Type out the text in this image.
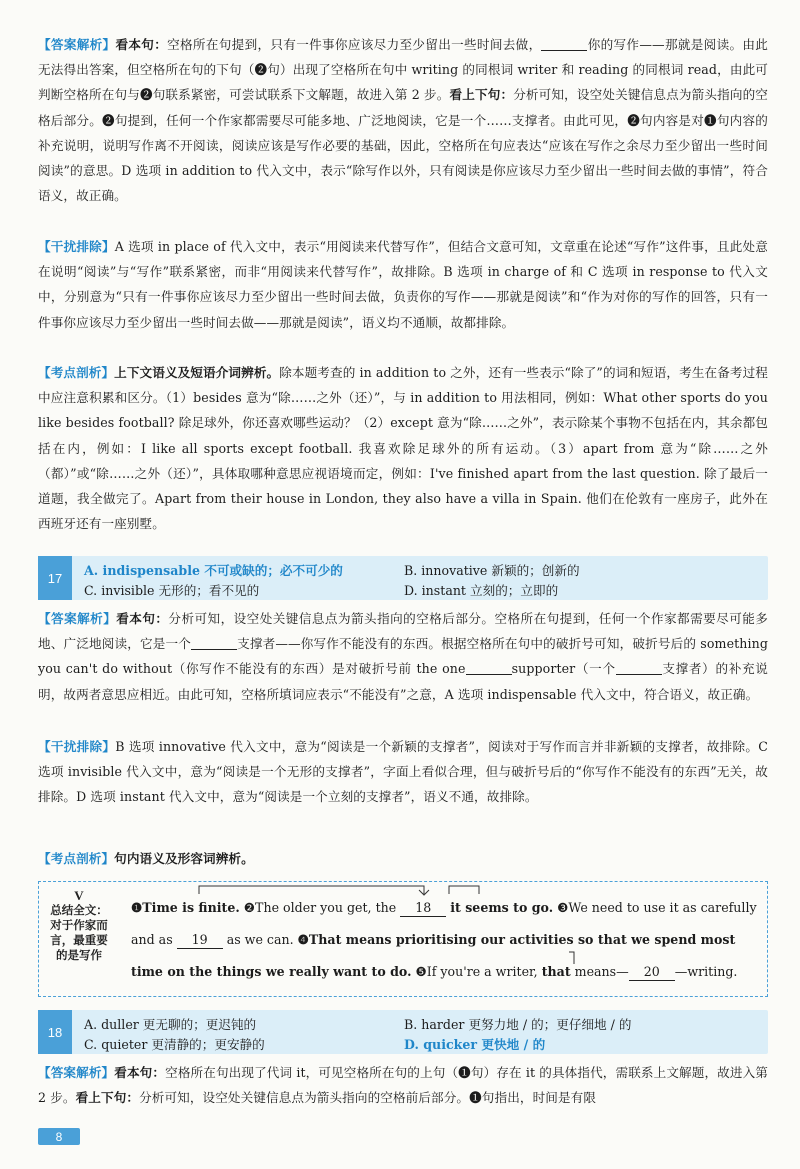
【答案解析】看本句：空格所在句提到，只有一件事你应该尽力至少留出一些时间去做，	你的写作——那就是阅读。由此无法得出答案，但空格所在句的下句（❷句）出现了空格所在句中 writing 的同根词 writer 和 reading 的同根词 read，由此可判断空格所在句与❷句联系紧密，可尝试联系下文解题，故进入第 2 步。看上下句：分析可知，设空处关键信息点为箭头指向的空格后部分。❷句提到，任何一个作家都需要尽可能多地、广泛地阅读，它是一个……支撑者。由此可见，❷句内容是对❶句内容的补充说明，说明写作离不开阅读，阅读应该是写作必要的基础，因此，空格所在句应表达“应该在写作之余尽力至少留出一些时间阅读”的意思。D 选项 in addition to 代入文中，表示“除写作以外，只有阅读是你应该尽力至少留出一些时间去做的事情”，符合语义，故正确。
【干扰排除】A 选项 in place of 代入文中，表示“用阅读来代替写作”，但结合文意可知，文章重在论述“写作”这件事，且此处意在说明“阅读”与“写作”联系紧密，而非“用阅读来代替写作”，故排除。B 选项 in charge of 和 C 选项 in response to 代入文中，分别意为“只有一件事你应该尽力至少留出一些时间去做，负责你的写作——那就是阅读”和“作为对你的写作的回答，只有一件事你应该尽力至少留出一些时间去做——那就是阅读”，语义均不通顺，故都排除。
【考点剖析】上下文语义及短语介词辨析。除本题考查的 in addition to 之外，还有一些表示“除了”的词和短语，考生在备考过程中应注意积累和区分。（1）besides 意为“除……之外（还）”，与 in addition to 用法相同，例如：What other sports do you like besides football? 除足球外，你还喜欢哪些运动？（2）except 意为“除……之外”，表示除某个事物不包括在内，其余都包括在内，例如：I like all sports except football. 我喜欢除足球外的所有运动。（3）apart from 意为“除……之外（都）”或“除……之外（还）”，具体取哪种意思应视语境而定，例如：I've finished apart from the last question. 除了最后一道题，我全做完了。Apart from their house in London, they also have a villa in Spain. 他们在伦敦有一座房子，此外在西班牙还有一座别墅。
17	A. indispensable 不可或缺的；必不可少的	B. innovative 新颖的；创新的
C. invisible 无形的；看不见的	D. instant 立刻的；立即的
【答案解析】看本句：分析可知，设空处关键信息点为箭头指向的空格后部分。空格所在句提到，任何一个作家都需要尽可能多地、广泛地阅读，它是一个	支撑者——你写作不能没有的东西。根据空格所在句中的破折号可知，破折号后的 something you can't do without（你写作不能没有的东西）是对破折号前 the one	supporter（一个	支撑者）的补充说明，故两者意思应相近。由此可知，空格所填词应表示“不能没有”之意，A 选项 indispensable 代入文中，符合语义，故正确。
【干扰排除】B 选项 innovative 代入文中，意为“阅读是一个新颖的支撑者”，阅读对于写作而言并非新颖的支撑者，故排除。C 选项 invisible 代入文中，意为“阅读是一个无形的支撑者”，字面上看似合理，但与破折号后的“你写作不能没有的东西”无关，故排除。D 选项 instant 代入文中，意为“阅读是一个立刻的支撑者”，语义不通，故排除。
【考点剖析】句内语义及形容词辨析。
V
总结全文：对于作家而言，最重要的是写作
❶Time is finite. ❷The older you get, the 18 it seems to go. ❸We need to use it as carefully and as 19 as we can. ❹That means prioritising our activities so that we spend most time on the things we really want to do. ❺If you're a writer, that means— 20 —writing.
18	A. duller 更无聊的；更迟钝的	B. harder 更努力地 / 的；更仔细地 / 的
C. quieter 更清静的；更安静的	D. quicker 更快地 / 的
【答案解析】看本句：空格所在句出现了代词 it，可见空格所在句的上句（❶句）存在 it 的具体指代，需联系上文解题，故进入第 2 步。看上下句：分析可知，设空处关键信息点为箭头指向的空格前后部分。❶句指出，时间是有限
8
